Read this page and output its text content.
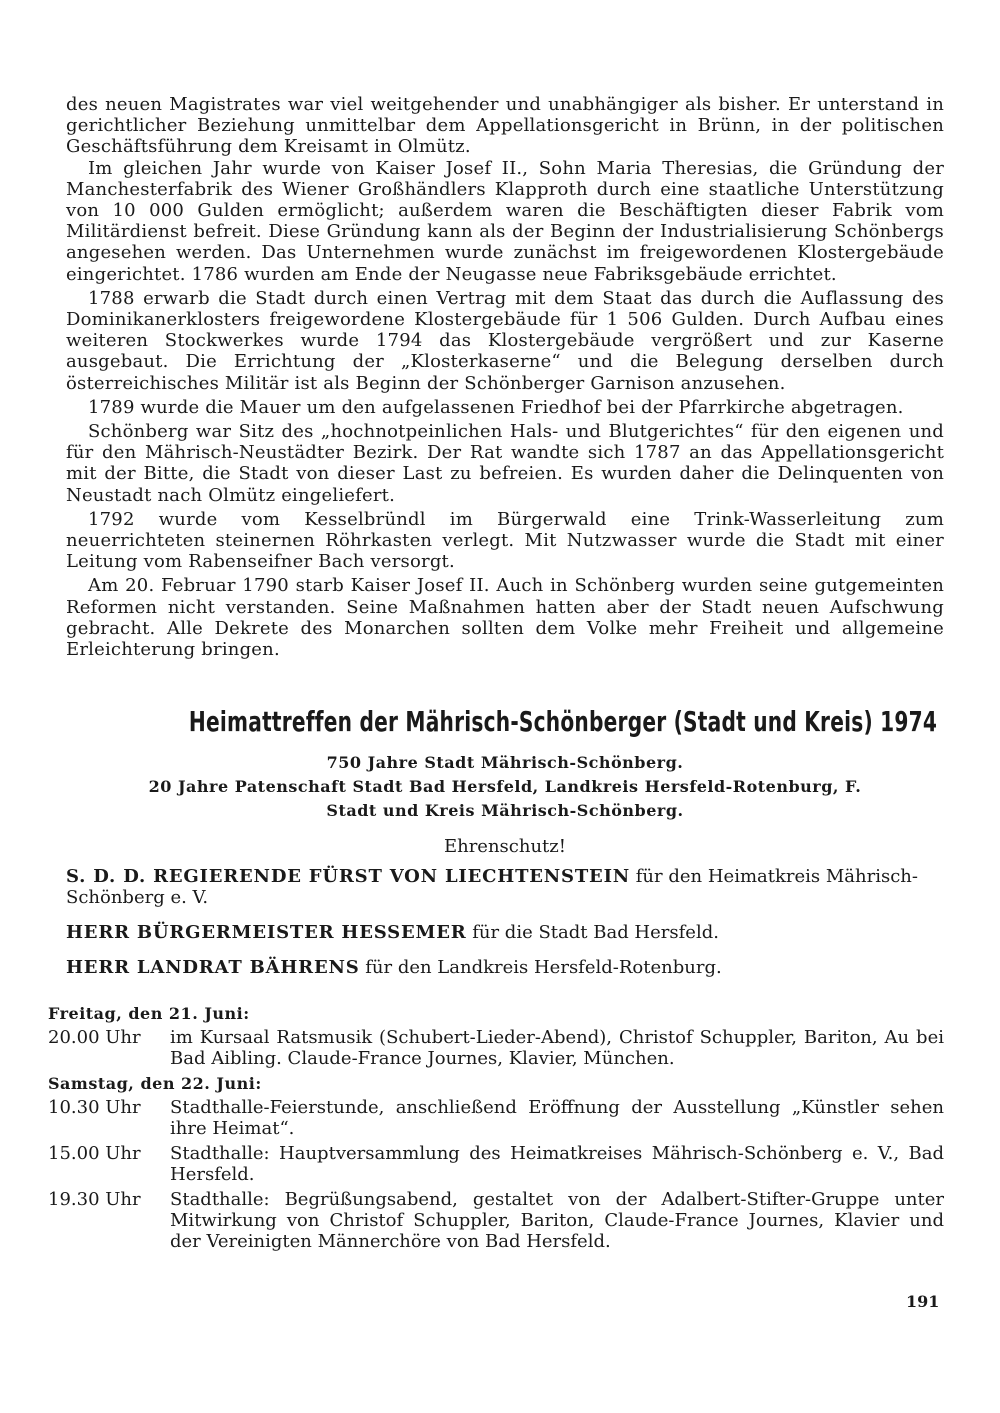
des neuen Magistrates war viel weitgehender und unabhängiger als bisher. Er unterstand in gerichtlicher Beziehung unmittelbar dem Appellationsgericht in Brünn, in der politischen Geschäftsführung dem Kreisamt in Olmütz.

Im gleichen Jahr wurde von Kaiser Josef II., Sohn Maria Theresias, die Gründung der Manchesterfabrik des Wiener Großhändlers Klapproth durch eine staatliche Unterstützung von 10 000 Gulden ermöglicht; außerdem waren die Beschäftigten dieser Fabrik vom Militärdienst befreit. Diese Gründung kann als der Beginn der Industrialisierung Schönbergs angesehen werden. Das Unternehmen wurde zunächst im freigewordenen Klostergebäude eingerichtet. 1786 wurden am Ende der Neugasse neue Fabriksgebäude errichtet.

1788 erwarb die Stadt durch einen Vertrag mit dem Staat das durch die Auflassung des Dominikanerklosters freigewordene Klostergebäude für 1 506 Gulden. Durch Aufbau eines weiteren Stockwerkes wurde 1794 das Klostergebäude vergrößert und zur Kaserne ausgebaut. Die Errichtung der „Klosterkaserne“ und die Belegung derselben durch österreichisches Militär ist als Beginn der Schönberger Garnison anzusehen.

1789 wurde die Mauer um den aufgelassenen Friedhof bei der Pfarrkirche abgetragen.

Schönberg war Sitz des „hochnotpeinlichen Hals- und Blutgerichtes“ für den eigenen und für den Mährisch-Neustädter Bezirk. Der Rat wandte sich 1787 an das Appellationsgericht mit der Bitte, die Stadt von dieser Last zu befreien. Es wurden daher die Delinquenten von Neustadt nach Olmütz eingeliefert.

1792 wurde vom Kesselbründl im Bürgerwald eine Trink-Wasserleitung zum neuerrichteten steinernen Röhrkasten verlegt. Mit Nutzwasser wurde die Stadt mit einer Leitung vom Rabenseifner Bach versorgt.

Am 20. Februar 1790 starb Kaiser Josef II. Auch in Schönberg wurden seine gutgemeinten Reformen nicht verstanden. Seine Maßnahmen hatten aber der Stadt neuen Aufschwung gebracht. Alle Dekrete des Monarchen sollten dem Volke mehr Freiheit und allgemeine Erleichterung bringen.

Heimattreffen der Mährisch-Schönberger (Stadt und Kreis) 1974
750 Jahre Stadt Mährisch-Schönberg.
20 Jahre Patenschaft Stadt Bad Hersfeld, Landkreis Hersfeld-Rotenburg, F.
Stadt und Kreis Mährisch-Schönberg.
Ehrenschutz!

S. D. D. REGIERENDE FÜRST VON LIECHTENSTEIN für den Heimatkreis Mährisch-Schönberg e. V.

HERR BÜRGERMEISTER HESSEMER für die Stadt Bad Hersfeld.

HERR LANDRAT BÄHRENS für den Landkreis Hersfeld-Rotenburg.

Freitag, den 21. Juni:
20.00 Uhr	im Kursaal Ratsmusik (Schubert-Lieder-Abend), Christof Schuppler, Bariton, Au bei Bad Aibling. Claude-France Journes, Klavier, München.
Samstag, den 22. Juni:
10.30 Uhr	Stadthalle-Feierstunde, anschließend Eröffnung der Ausstellung „Künstler sehen ihre Heimat“.
15.00 Uhr	Stadthalle: Hauptversammlung des Heimatkreises Mährisch-Schönberg e. V., Bad Hersfeld.
19.30 Uhr	Stadthalle: Begrüßungsabend, gestaltet von der Adalbert-Stifter-Gruppe unter Mitwirkung von Christof Schuppler, Bariton, Claude-France Journes, Klavier und der Vereinigten Männerchöre von Bad Hersfeld.
191
